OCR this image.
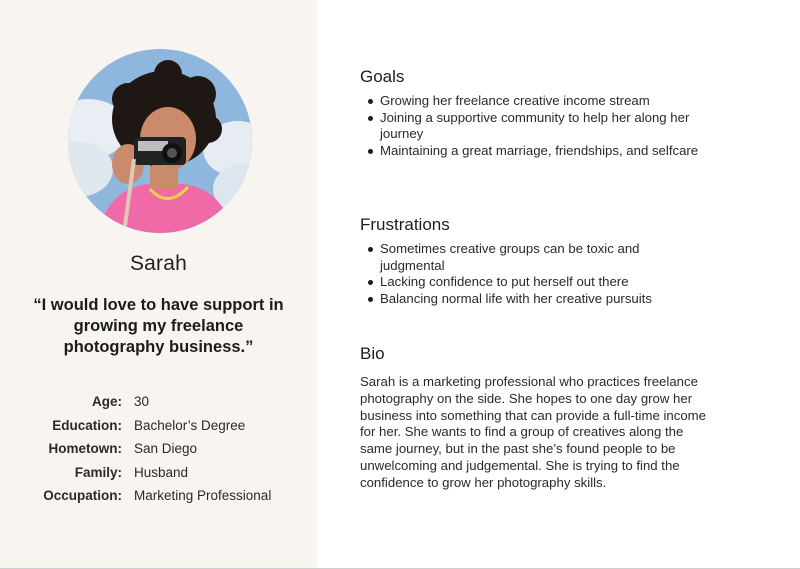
Sarah
“I would love to have support in growing my freelance photography business.”
Age: 30
Education: Bachelor’s Degree
Hometown: San Diego
Family: Husband
Occupation: Marketing Professional
Goals
Growing her freelance creative income stream
Joining a supportive community to help her along her journey
Maintaining a great marriage, friendships, and selfcare
Frustrations
Sometimes creative groups can be toxic and judgmental
Lacking confidence to put herself out there
Balancing normal life with her creative pursuits
Bio

Sarah is a marketing professional who practices freelance photography on the side. She hopes to one day grow her business into something that can provide a full-time income for her. She wants to find a group of creatives along the same journey, but in the past she’s found people to be unwelcoming and judgemental. She is trying to find the confidence to grow her photography skills.
